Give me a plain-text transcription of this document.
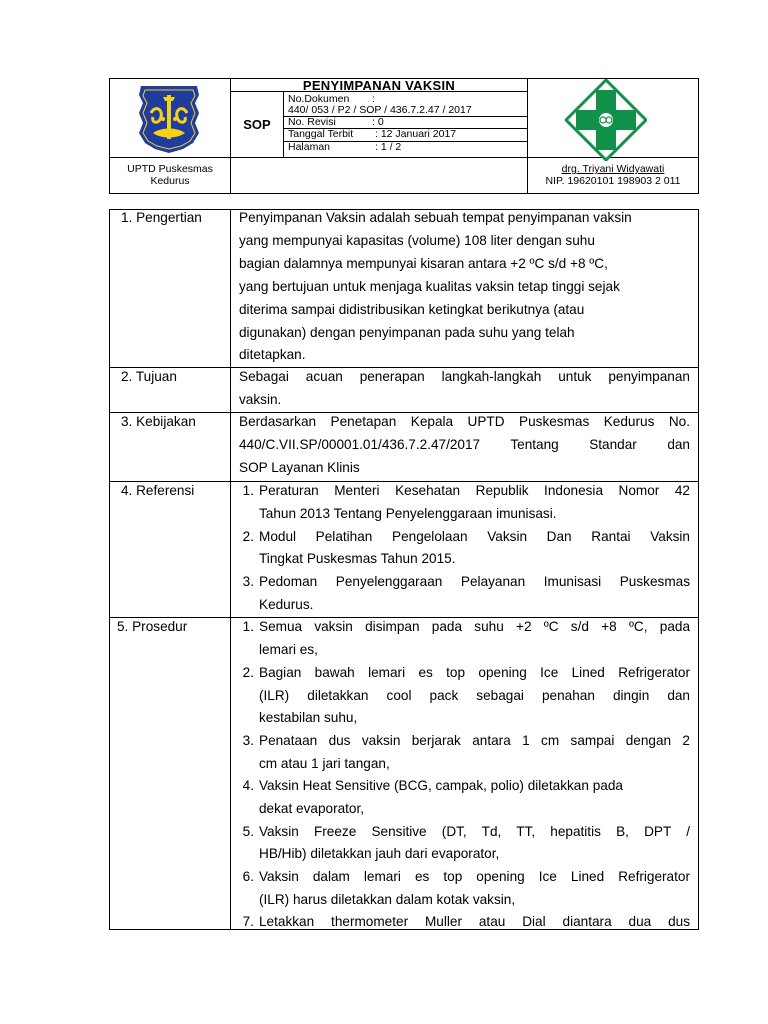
UPTD Puskesmas
Kedurus
PENYIMPANAN VAKSIN
SOP
No.Dokumen :
440/ 053 / P2 / SOP / 436.7.2.47 / 2017
No. Revisi	: 0
Tanggal Terbit : 12 Januari 2017
Halaman	: 1 / 2
drg. Triyani Widyawati
NIP. 19620101 198903 2 011
1. Pengertian	Penyimpanan Vaksin adalah sebuah tempat penyimpanan vaksin
yang mempunyai kapasitas (volume) 108 liter dengan suhu
bagian dalamnya mempunyai kisaran antara +2 ºC s/d +8 ºC,
yang bertujuan untuk menjaga kualitas vaksin tetap tinggi sejak
diterima sampai didistribusikan ketingkat berikutnya (atau
digunakan) dengan penyimpanan pada suhu yang telah
ditetapkan.
2. Tujuan	Sebagai acuan penerapan langkah-langkah untuk penyimpanan
vaksin.
3. Kebijakan	Berdasarkan Penetapan Kepala UPTD Puskesmas Kedurus No.
440/C.VII.SP/00001.01/436.7.2.47/2017 Tentang Standar dan
SOP Layanan Klinis
4. Referensi	1. Peraturan Menteri Kesehatan Republik Indonesia Nomor 42
Tahun 2013 Tentang Penyelenggaraan imunisasi.
2. Modul Pelatihan Pengelolaan Vaksin Dan Rantai Vaksin
Tingkat Puskesmas Tahun 2015.
3. Pedoman Penyelenggaraan Pelayanan Imunisasi Puskesmas
Kedurus.
5. Prosedur	1. Semua vaksin disimpan pada suhu +2 ºC s/d +8 ºC, pada
lemari es,
2. Bagian bawah lemari es top opening Ice Lined Refrigerator
(ILR) diletakkan cool pack sebagai penahan dingin dan
kestabilan suhu,
3. Penataan dus vaksin berjarak antara 1 cm sampai dengan 2
cm atau 1 jari tangan,
4. Vaksin Heat Sensitive (BCG, campak, polio) diletakkan pada
dekat evaporator,
5. Vaksin Freeze Sensitive (DT, Td, TT, hepatitis B, DPT /
HB/Hib) diletakkan jauh dari evaporator,
6. Vaksin dalam lemari es top opening Ice Lined Refrigerator
(ILR) harus diletakkan dalam kotak vaksin,
7. Letakkan thermometer Muller atau Dial diantara dua dus
